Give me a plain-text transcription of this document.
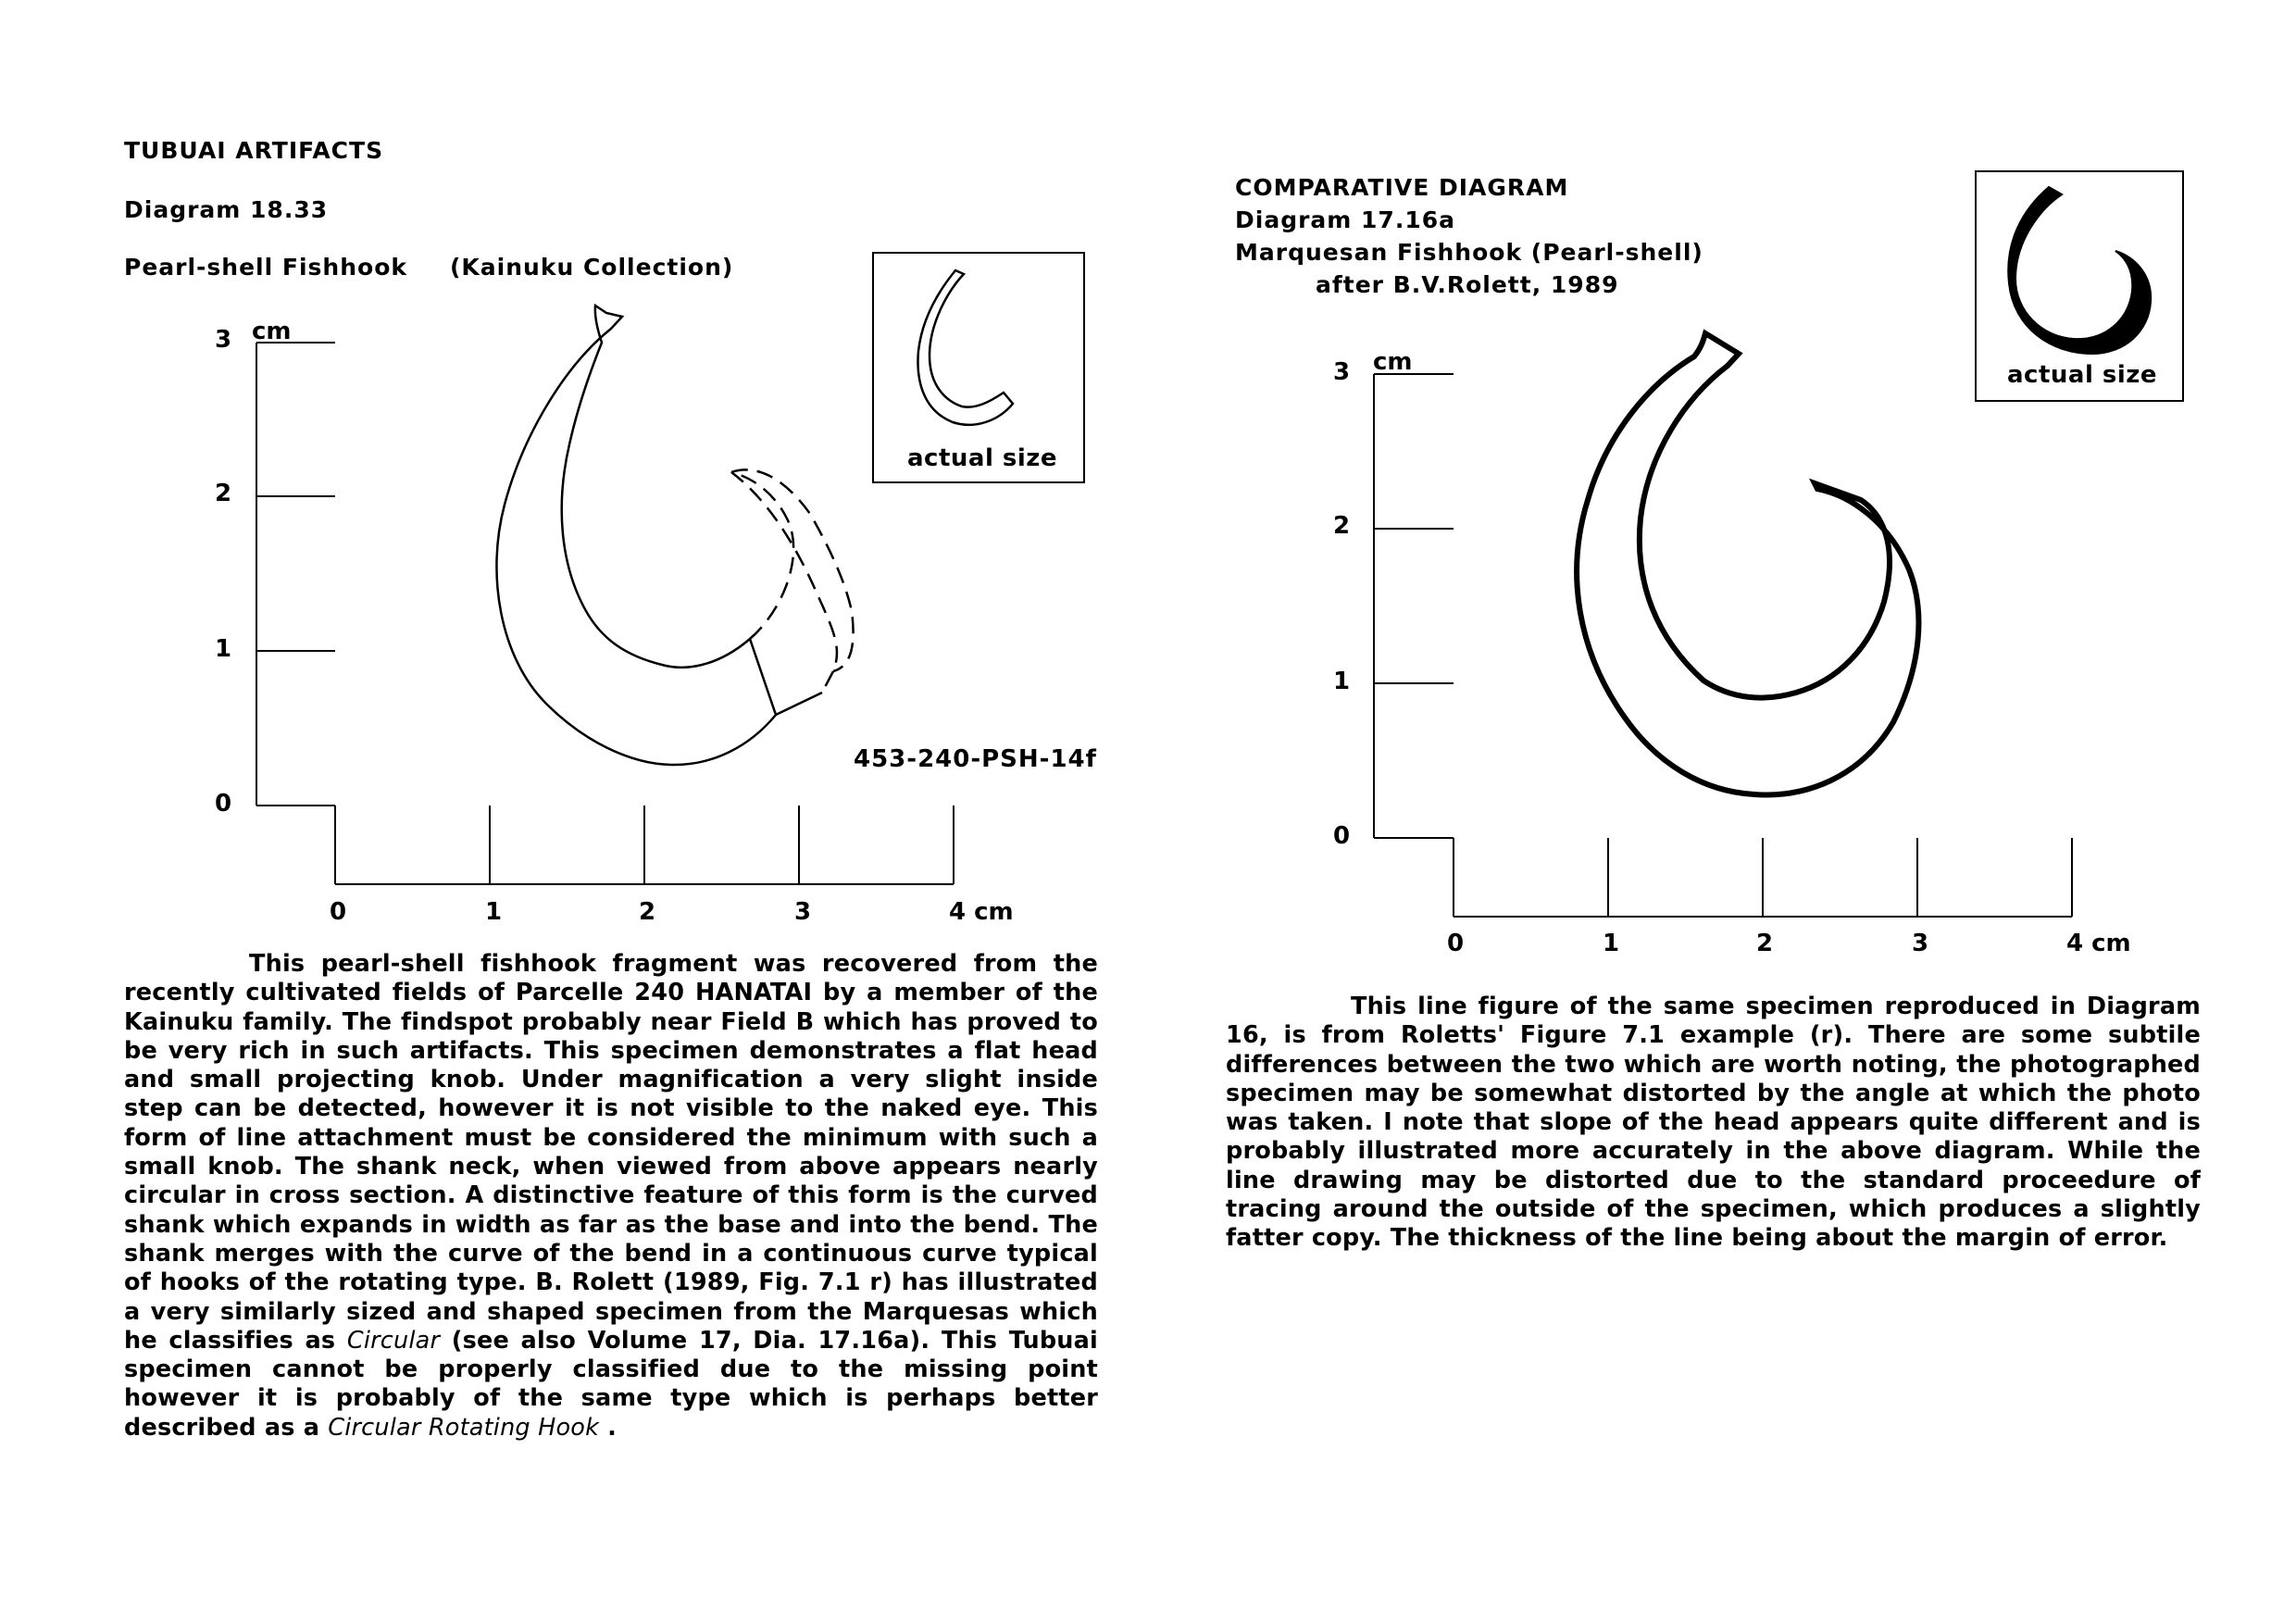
TUBUAI ARTIFACTS
Diagram 18.33
Pearl-shell Fishhook (Kainuku Collection)
cm
3
2
1
0
0	1	2	3	4 cm
actual size
453-240-PSH-14f

This pearl-shell fishhook fragment was recovered from the recently cultivated fields of Parcelle 240 HANATAI by a member of the Kainuku family. The findspot probably near Field B which has proved to be very rich in such artifacts. This specimen demonstrates a flat head and small projecting knob. Under magnification a very slight inside step can be detected, however it is not visible to the naked eye. This form of line attachment must be considered the minimum with such a small knob. The shank neck, when viewed from above appears nearly circular in cross section. A distinctive feature of this form is the curved shank which expands in width as far as the base and into the bend. The shank merges with the curve of the bend in a continuous curve typical of hooks of the rotating type. B. Rolett (1989, Fig. 7.1 r) has illustrated a very similarly sized and shaped specimen from the Marquesas which he classifies as Circular (see also Volume 17, Dia. 17.16a). This Tubuai specimen cannot be properly classified due to the missing point however it is probably of the same type which is perhaps better described as a Circular Rotating Hook .

COMPARATIVE DIAGRAM
Diagram 17.16a
Marquesan Fishhook (Pearl-shell)
after B.V.Rolett, 1989
cm
3
2
1
0
0	1	2	3	4 cm
actual size

This line figure of the same specimen reproduced in Diagram 16, is from Roletts' Figure 7.1 example (r). There are some subtile differences between the two which are worth noting, the photographed specimen may be somewhat distorted by the angle at which the photo was taken. I note that slope of the head appears quite different and is probably illustrated more accurately in the above diagram. While the line drawing may be distorted due to the standard proceedure of tracing around the outside of the specimen, which produces a slightly fatter copy. The thickness of the line being about the margin of error.
